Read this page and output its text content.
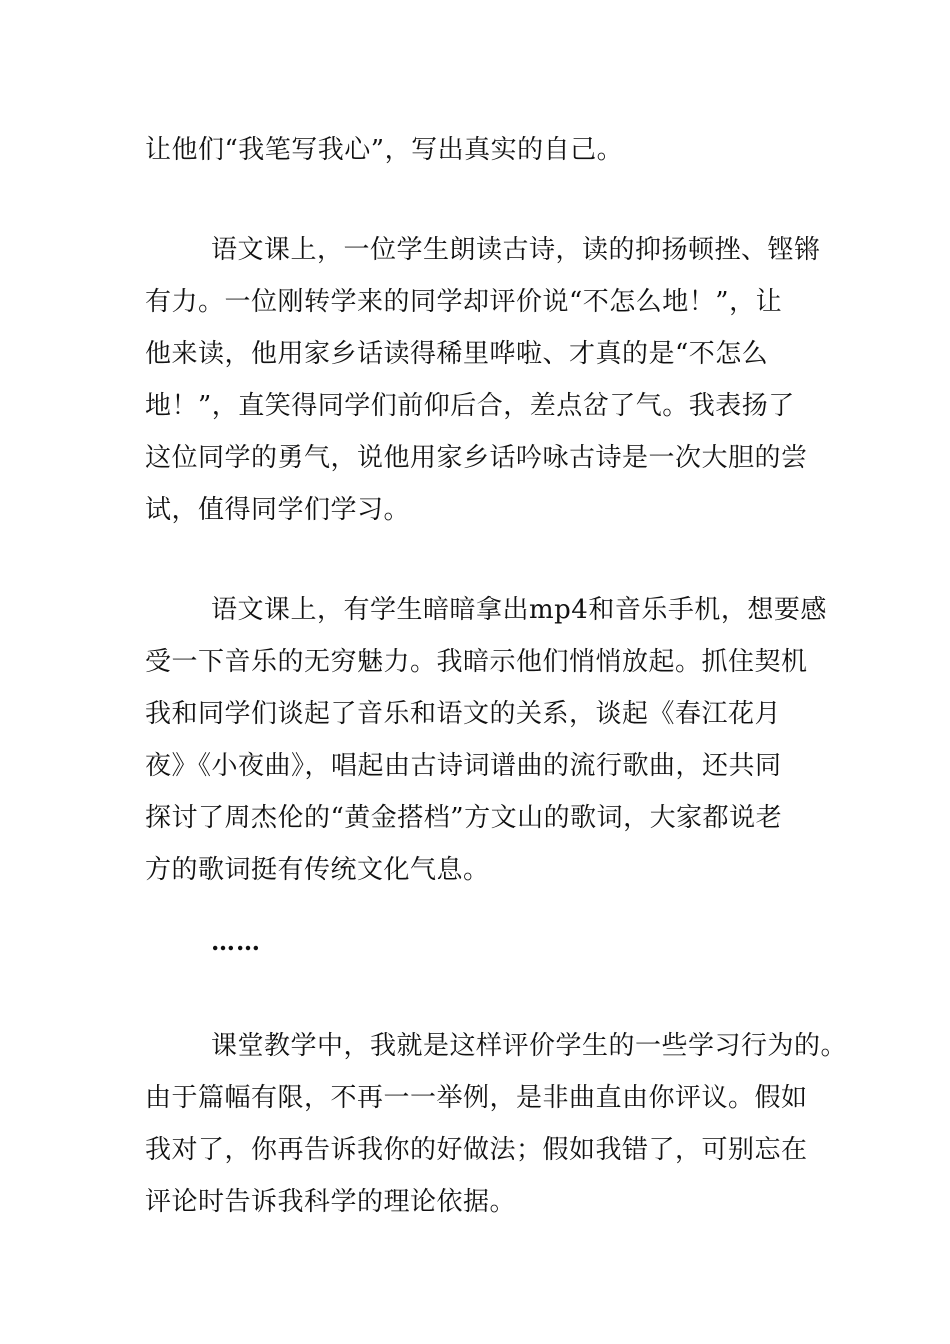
让他们“我笔写我心”，写出真实的自己。
语文课上，一位学生朗读古诗，读的抑扬顿挫、铿锵
有力。一位刚转学来的同学却评价说“不怎么地！”，让
他来读，他用家乡话读得稀里哗啦、才真的是“不怎么
地！”，直笑得同学们前仰后合，差点岔了气。我表扬了
这位同学的勇气，说他用家乡话吟咏古诗是一次大胆的尝
试，值得同学们学习。
语文课上，有学生暗暗拿出mp4和音乐手机，想要感
受一下音乐的无穷魅力。我暗示他们悄悄放起。抓住契机
我和同学们谈起了音乐和语文的关系，谈起《春江花月
夜》《小夜曲》，唱起由古诗词谱曲的流行歌曲，还共同
探讨了周杰伦的“黄金搭档”方文山的歌词，大家都说老
方的歌词挺有传统文化气息。
……
课堂教学中，我就是这样评价学生的一些学习行为的。
由于篇幅有限，不再一一举例，是非曲直由你评议。假如
我对了，你再告诉我你的好做法；假如我错了，可别忘在
评论时告诉我科学的理论依据。
